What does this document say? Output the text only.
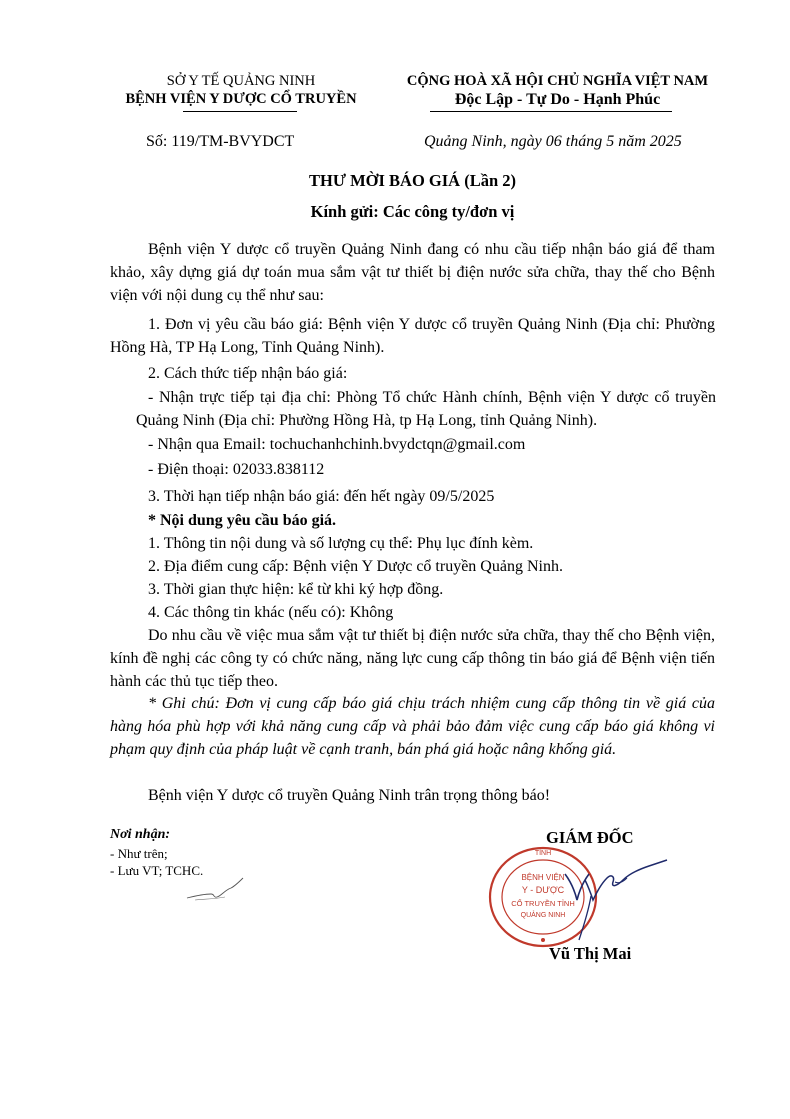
SỞ Y TẾ QUẢNG NINH
BỆNH VIỆN Y DƯỢC CỔ TRUYỀN
CỘNG HOÀ XÃ HỘI CHỦ NGHĨA VIỆT NAM
Độc Lập - Tự Do - Hạnh Phúc
Số: 119/TM-BVYDCT	Quảng Ninh, ngày 06 tháng 5 năm 2025
THƯ MỜI BÁO GIÁ (Lần 2)
Kính gửi: Các công ty/đơn vị
Bệnh viện Y dược cổ truyền Quảng Ninh đang có nhu cầu tiếp nhận báo giá để tham khảo, xây dựng giá dự toán mua sắm vật tư thiết bị điện nước sửa chữa, thay thế cho Bệnh viện với nội dung cụ thể như sau:
1. Đơn vị yêu cầu báo giá: Bệnh viện Y dược cổ truyền Quảng Ninh (Địa chỉ: Phường Hồng Hà, TP Hạ Long, Tỉnh Quảng Ninh).
2. Cách thức tiếp nhận báo giá:
- Nhận trực tiếp tại địa chỉ: Phòng Tổ chức Hành chính, Bệnh viện Y dược cổ truyền Quảng Ninh (Địa chỉ: Phường Hồng Hà, tp Hạ Long, tỉnh Quảng Ninh).
- Nhận qua Email: tochuchanhchinh.bvydctqn@gmail.com
- Điện thoại: 02033.838112
3. Thời hạn tiếp nhận báo giá: đến hết ngày 09/5/2025
* Nội dung yêu cầu báo giá.
1. Thông tin nội dung và số lượng cụ thể: Phụ lục đính kèm.
2. Địa điểm cung cấp: Bệnh viện Y Dược cổ truyền Quảng Ninh.
3. Thời gian thực hiện: kể từ khi ký hợp đồng.
4. Các thông tin khác (nếu có): Không
Do nhu cầu về việc mua sắm vật tư thiết bị điện nước sửa chữa, thay thế cho Bệnh viện, kính đề nghị các công ty có chức năng, năng lực cung cấp thông tin báo giá để Bệnh viện tiến hành các thủ tục tiếp theo.
* Ghi chú: Đơn vị cung cấp báo giá chịu trách nhiệm cung cấp thông tin về giá của hàng hóa phù hợp với khả năng cung cấp và phải bảo đảm việc cung cấp báo giá không vi phạm quy định của pháp luật về cạnh tranh, bán phá giá hoặc nâng khống giá.
Bệnh viện Y dược cổ truyền Quảng Ninh trân trọng thông báo!
Nơi nhận:
- Như trên;
- Lưu VT; TCHC.
GIÁM ĐỐC
TỈNH
BỆNH VIỆN
Y - DƯỢC
CỔ TRUYỀN TỈNH
QUẢNG NINH
Vũ Thị Mai
